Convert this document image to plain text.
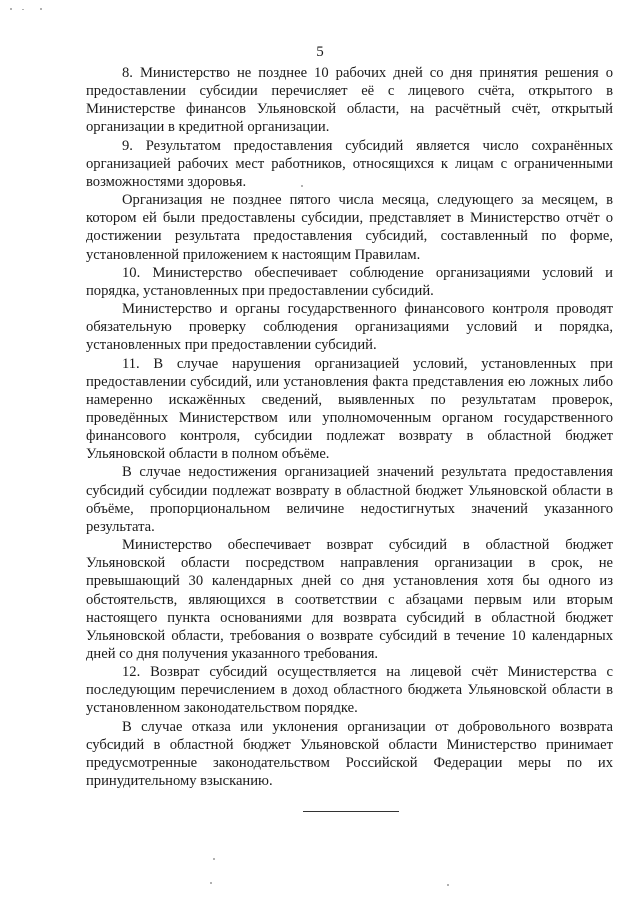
5

8. Министерство не позднее 10 рабочих дней со дня принятия решения о предоставлении субсидии перечисляет её с лицевого счёта, открытого в Министерстве финансов Ульяновской области, на расчётный счёт, открытый организации в кредитной организации.

9. Результатом предоставления субсидий является число сохранённых организацией рабочих мест работников, относящихся к лицам с ограниченными возможностями здоровья.

Организация не позднее пятого числа месяца, следующего за месяцем, в котором ей были предоставлены субсидии, представляет в Министерство отчёт о достижении результата предоставления субсидий, составленный по форме, установленной приложением к настоящим Правилам.

10. Министерство обеспечивает соблюдение организациями условий и порядка, установленных при предоставлении субсидий.

Министерство и органы государственного финансового контроля проводят обязательную проверку соблюдения организациями условий и порядка, установленных при предоставлении субсидий.

11. В случае нарушения организацией условий, установленных при предоставлении субсидий, или установления факта представления ею ложных либо намеренно искажённых сведений, выявленных по результатам проверок, проведённых Министерством или уполномоченным органом государственного финансового контроля, субсидии подлежат возврату в областной бюджет Ульяновской области в полном объёме.

В случае недостижения организацией значений результата предоставления субсидий субсидии подлежат возврату в областной бюджет Ульяновской области в объёме, пропорциональном величине недостигнутых значений указанного результата.

Министерство обеспечивает возврат субсидий в областной бюджет Ульяновской области посредством направления организации в срок, не превышающий 30 календарных дней со дня установления хотя бы одного из обстоятельств, являющихся в соответствии с абзацами первым или вторым настоящего пункта основаниями для возврата субсидий в областной бюджет Ульяновской области, требования о возврате субсидий в течение 10 календарных дней со дня получения указанного требования.

12. Возврат субсидий осуществляется на лицевой счёт Министерства с последующим перечислением в доход областного бюджета Ульяновской области в установленном законодательством порядке.

В случае отказа или уклонения организации от добровольного возврата субсидий в областной бюджет Ульяновской области Министерство принимает предусмотренные законодательством Российской Федерации меры по их принудительному взысканию.
